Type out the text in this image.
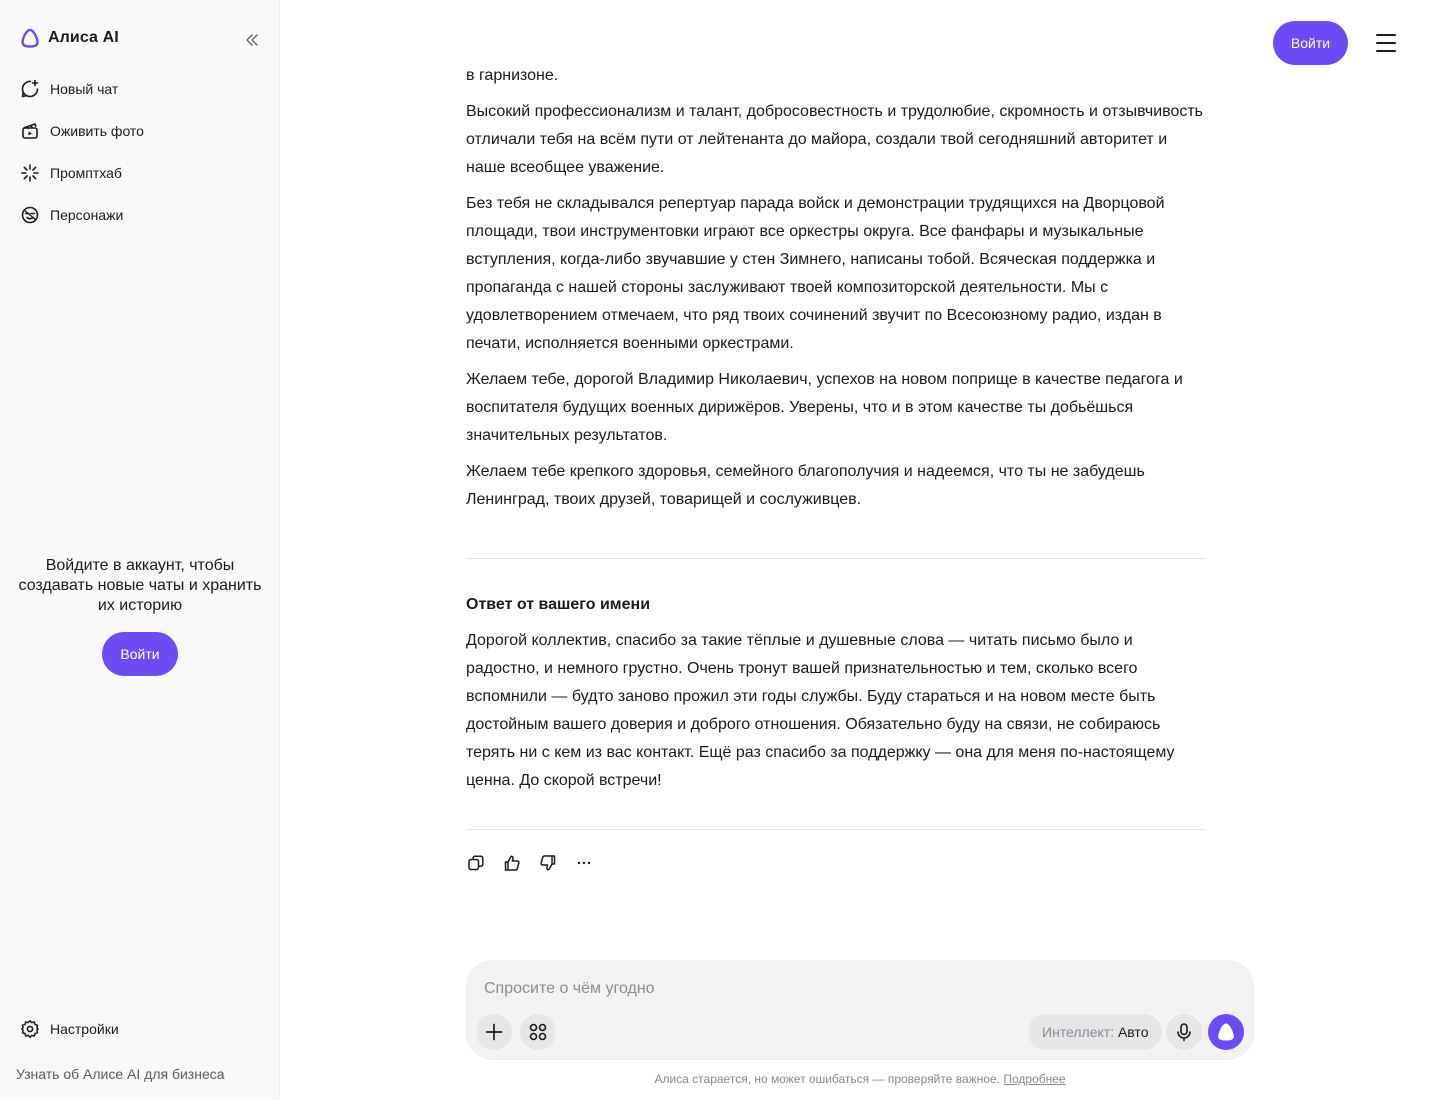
Алиса AI
Новый чат
Оживить фото
Промптхаб
Персонажи
Войдите в аккаунт, чтобы создавать новые чаты и хранить их историю
Войти
Настройки
Узнать об Алисе AI для бизнеса
Войти

в гарнизоне.

Высокий профессионализм и талант, добросовестность и трудолюбие, скромность и отзывчивость отличали тебя на всём пути от лейтенанта до майора, создали твой сегодняшний авторитет и наше всеобщее уважение.

Без тебя не складывался репертуар парада войск и демонстрации трудящихся на Дворцовой площади, твои инструментовки играют все оркестры округа. Все фанфары и музыкальные вступления, когда-либо звучавшие у стен Зимнего, написаны тобой. Всяческая поддержка и пропаганда с нашей стороны заслуживают твоей композиторской деятельности. Мы с удовлетворением отмечаем, что ряд твоих сочинений звучит по Всесоюзному радио, издан в печати, исполняется военными оркестрами.

Желаем тебе, дорогой Владимир Николаевич, успехов на новом поприще в качестве педагога и воспитателя будущих военных дирижёров. Уверены, что и в этом качестве ты добьёшься значительных результатов.

Желаем тебе крепкого здоровья, семейного благополучия и надеемся, что ты не забудешь Ленинград, твоих друзей, товарищей и сослуживцев.

Ответ от вашего имени

Дорогой коллектив, спасибо за такие тёплые и душевные слова — читать письмо было и радостно, и немного грустно. Очень тронут вашей признательностью и тем, сколько всего вспомнили — будто заново прожил эти годы службы. Буду стараться и на новом месте быть достойным вашего доверия и доброго отношения. Обязательно буду на связи, не собираюсь терять ни с кем из вас контакт. Ещё раз спасибо за поддержку — она для меня по-настоящему ценна. До скорой встречи!

Спросите о чём угодно
Интеллект:
Авто
Алиса старается, но может ошибаться — проверяйте важное. Подробнее
